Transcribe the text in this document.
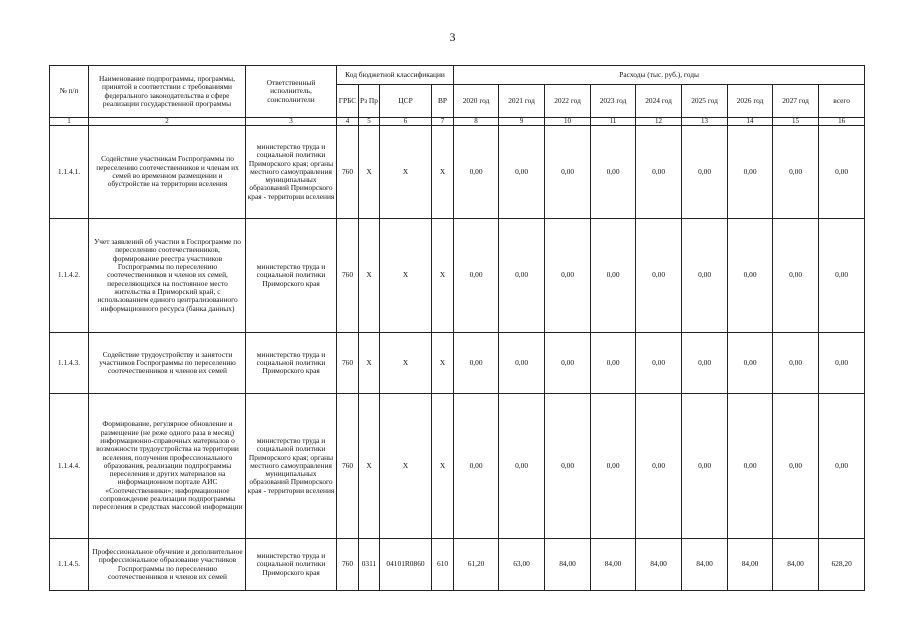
3
№ п/п	Наименование подпрограммы, программы, принятой в соответствии с требованиями федерального законодательства в сфере реализации государственной программы	Ответственный исполнитель, соисполнители	Код бюджетной классификации				Расходы (тыс. руб.), годы								
			ГРБС	Рз Пр	ЦСР	ВР	2020 год	2021 год	2022 год	2023 год	2024 год	2025 год	2026 год	2027 год	всего
1	2	3	4	5	6	7	8	9	10	11	12	13	14	15	16
1.1.4.1.	Содействие участникам Госпрограммы по переселению соотечественников и членам их семей во временном размещении и обустройстве на территории вселения	министерство труда и социальной политики Приморского края; органы местного самоуправления муниципальных образований Приморского края - территории вселения	760	X	X	X	0,00	0,00	0,00	0,00	0,00	0,00	0,00	0,00	0,00
1.1.4.2.	Учет заявлений об участии в Госпрограмме по переселению соотечественников, формирование реестра участников Госпрограммы по переселению соотечественников и членов их семей, переселяющихся на постоянное место жительства в Приморский край, с использованием единого централизованного информационного ресурса (банка данных)	министерство труда и социальной политики Приморского края	760	X	X	X	0,00	0,00	0,00	0,00	0,00	0,00	0,00	0,00	0,00
1.1.4.3.	Содействие трудоустройству и занятости участников Госпрограммы по переселению соотечественников и членов их семей	министерство труда и социальной политики Приморского края	760	X	X	X	0,00	0,00	0,00	0,00	0,00	0,00	0,00	0,00	0,00
1.1.4.4.	Формирование, регулярное обновление и размещение (не реже одного раза в месяц) информационно-справочных материалов о возможности трудоустройства на территории вселения, получения профессионального образования, реализации подпрограммы переселения и других материалов на информационном портале АИС «Соотечественники»; информационное сопровождение реализации подпрограммы переселения в средствах массовой информации	министерство труда и социальной политики Приморского края; органы местного самоуправления муниципальных образований Приморского края - территории вселения	760	X	X	X	0,00	0,00	0,00	0,00	0,00	0,00	0,00	0,00	0,00
1.1.4.5.	Профессиональное обучение и дополнительное профессиональное образование участников Госпрограммы по переселению соотечественников и членов их семей	министерство труда и социальной политики Приморского края	760	0311	04101R0860	610	61,20	63,00	84,00	84,00	84,00	84,00	84,00	84,00	628,20
